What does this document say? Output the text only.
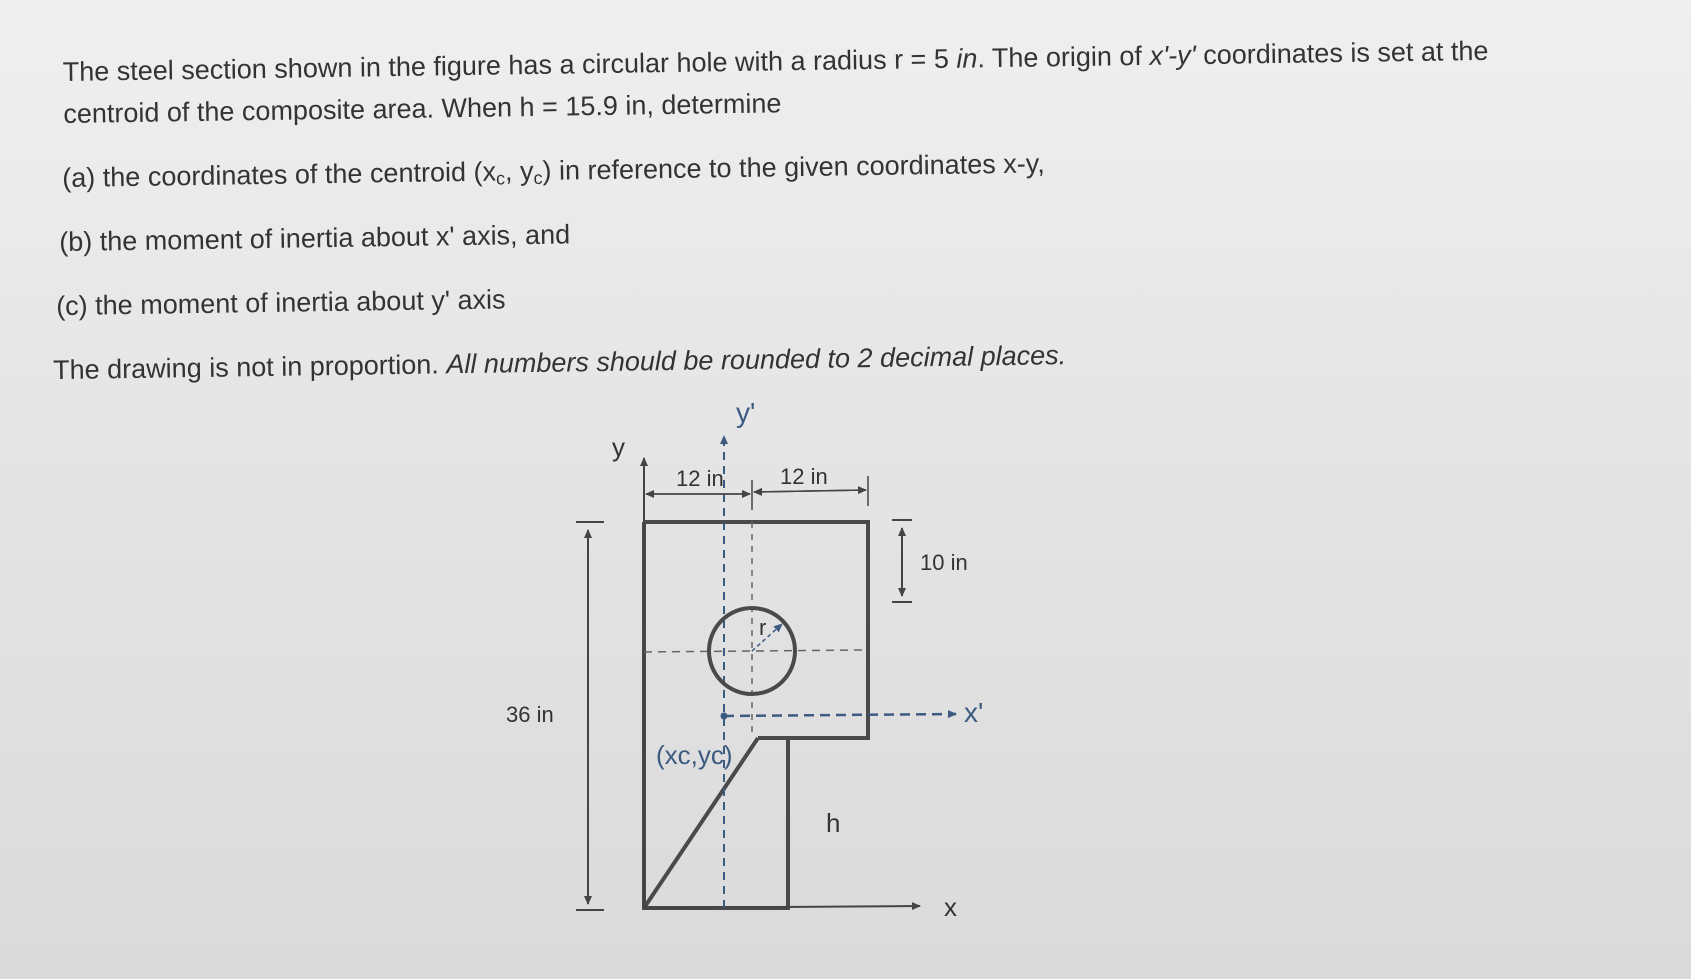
The steel section shown in the figure has a circular hole with a radius r = 5 in. The origin of x'-y' coordinates is set at the

centroid of the composite area. When h = 15.9 in, determine

(a) the coordinates of the centroid ($x_c$, $y_c$) in reference to the given coordinates x-y,

(b) the moment of inertia about x' axis, and

(c) the moment of inertia about y' axis

The drawing is not in proportion. All numbers should be rounded to 2 decimal places.

y
x
y'
x'
r
12 in	12 in
10 in
36 in
h
(xc,yc)
